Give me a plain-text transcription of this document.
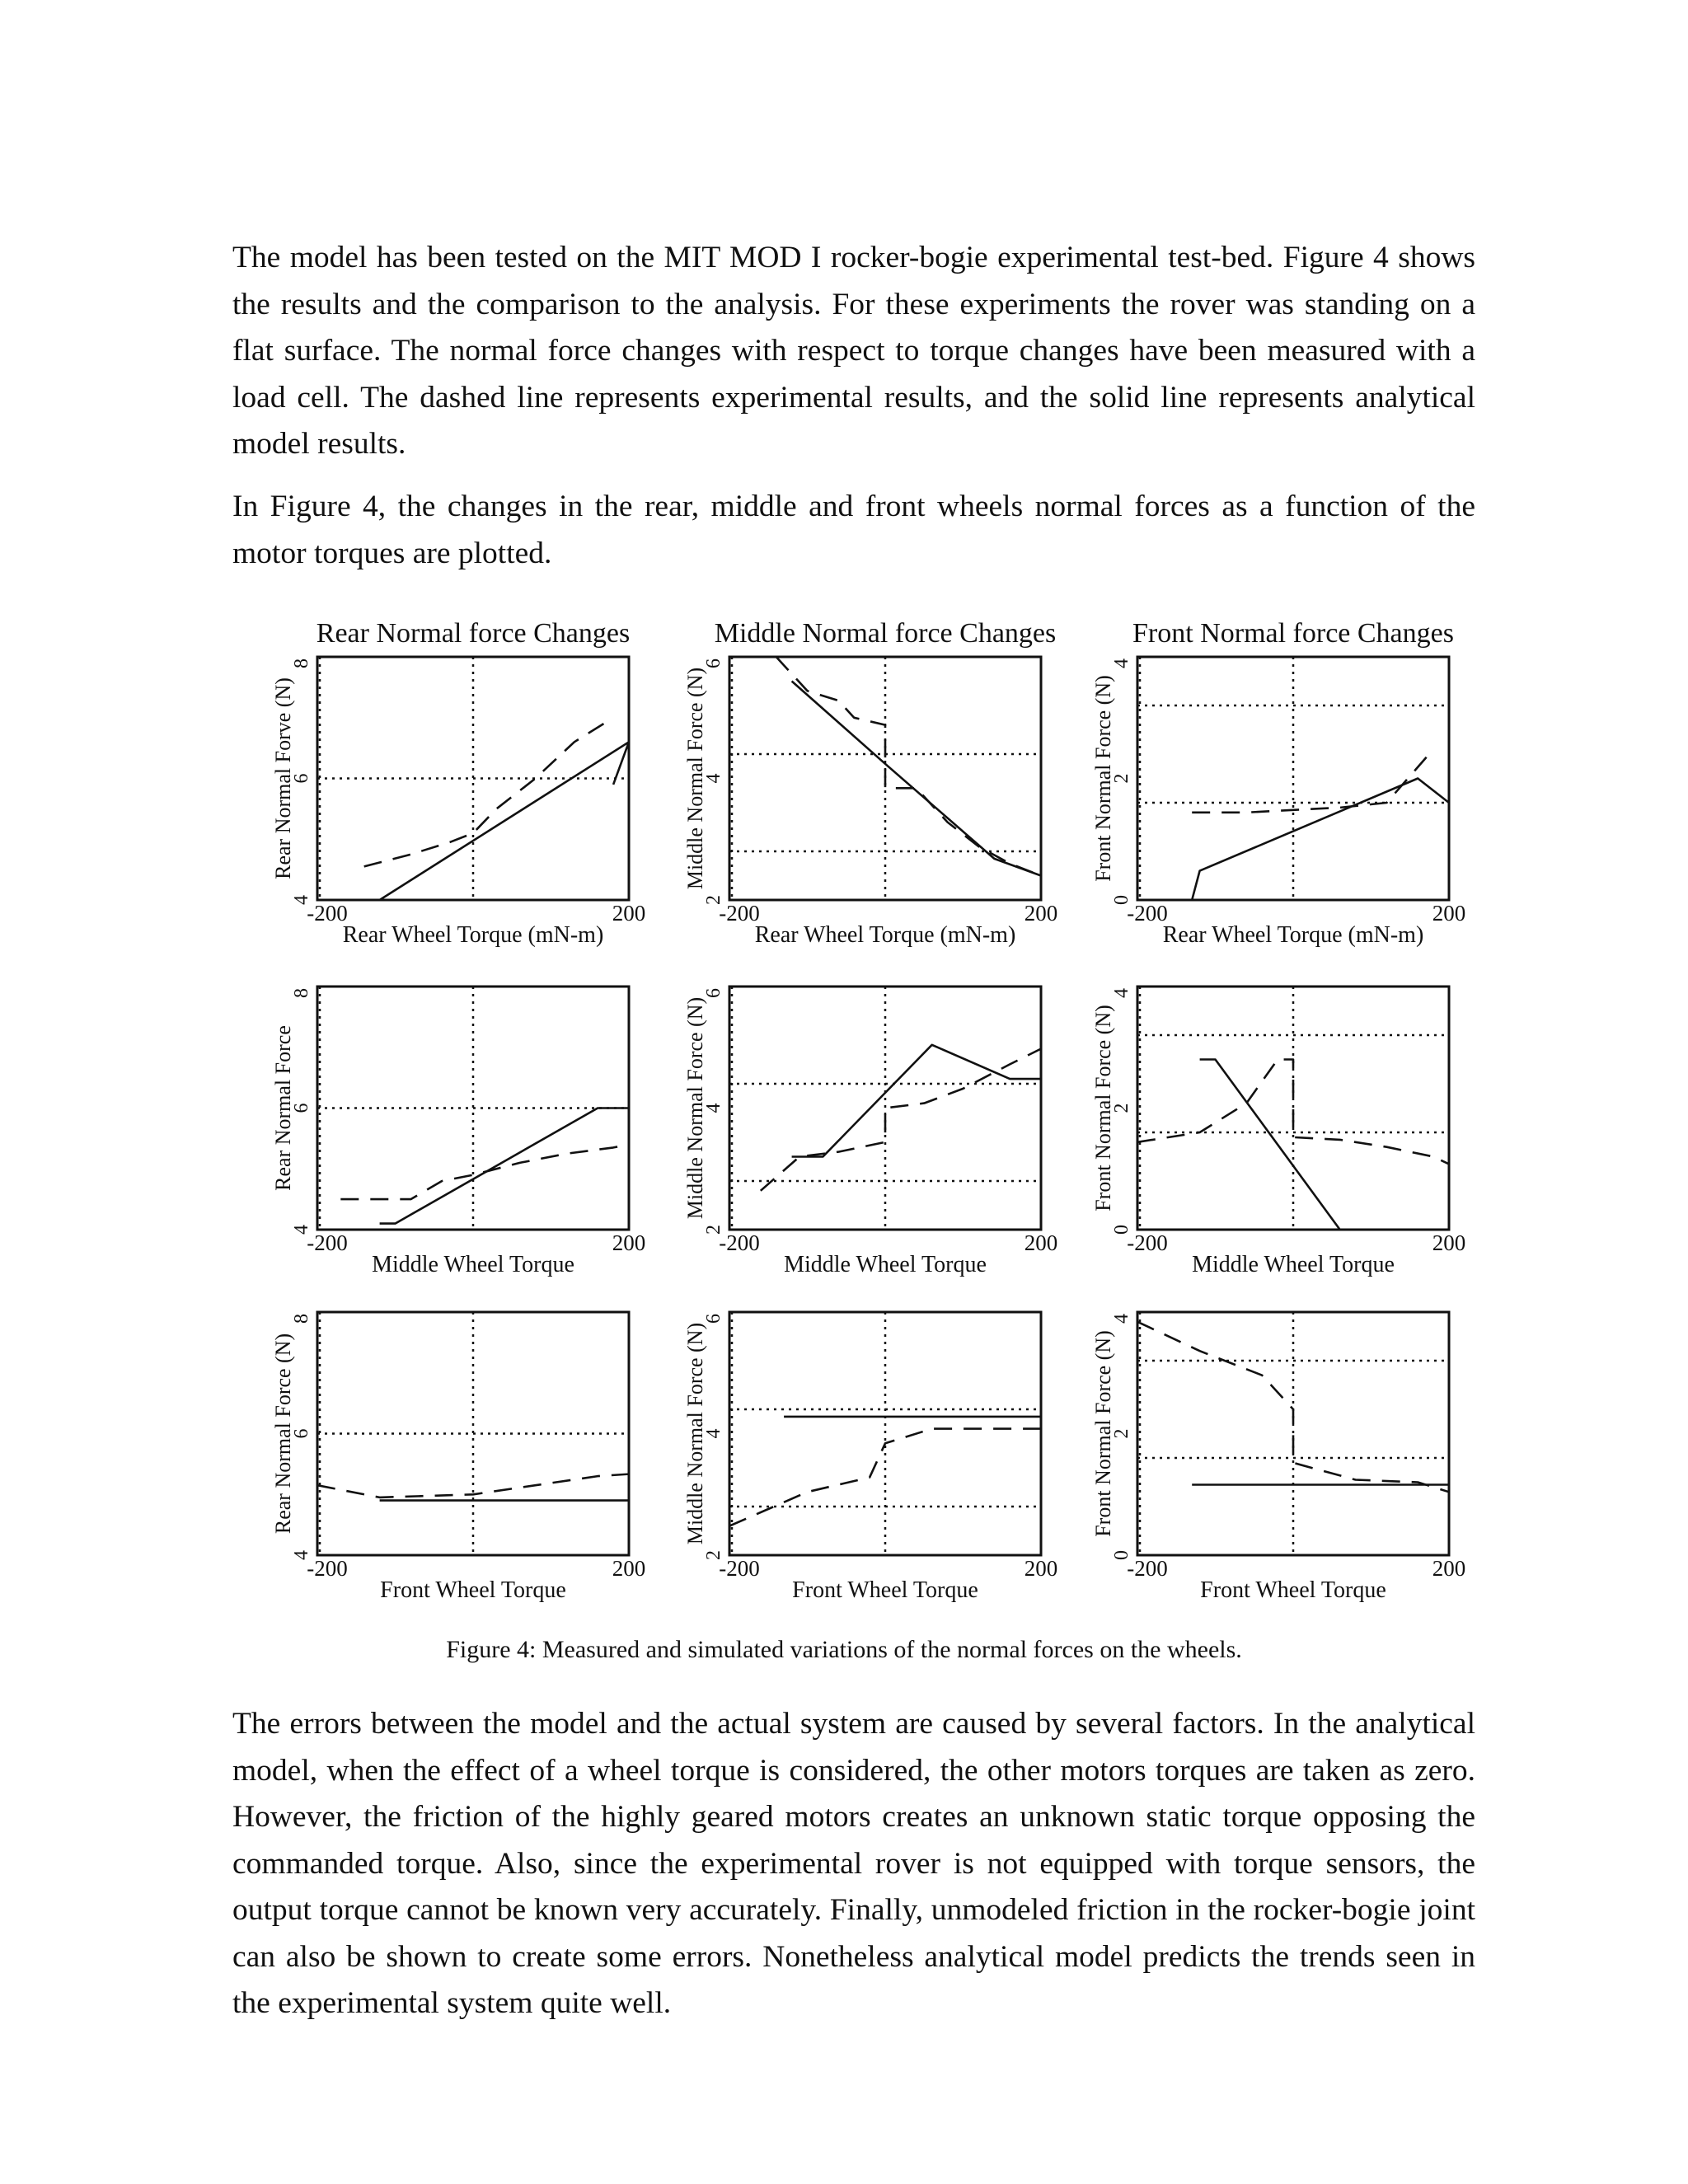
The model has been tested on the MIT MOD I rocker-bogie experimental test-bed. Figure 4 shows the results and the comparison to the analysis. For these experiments the rover was standing on a flat surface. The normal force changes with respect to torque changes have been measured with a load cell. The dashed line represents experimental results, and the solid line represents analytical model results.

In Figure 4, the changes in the rear, middle and front wheels normal forces as a function of the motor torques are plotted.

4
6
8
-200	200
Rear Wheel Torque (mN-m)
Rear Normal Forve (N)
Rear Normal force Changes
2
4
6
-200	200
Rear Wheel Torque (mN-m)
Middle Normal Force (N)
Middle Normal force Changes
0
2
4
-200	200
Rear Wheel Torque (mN-m)
Front Normal Force (N)
Front Normal force Changes
4
6
8
-200	200
Middle Wheel Torque
Rear Normal Force
2
4
6
-200	200
Middle Wheel Torque
Middle Normal Force (N)
0
2
4
-200	200
Middle Wheel Torque
Front Normal Force (N)
4
6
8
-200	200
Front Wheel Torque
Rear Normal Force (N)
2
4
6
-200	200
Front Wheel Torque
Middle Normal Force (N)
0
2
4
-200	200
Front Wheel Torque
Front Normal Force (N)
Figure 4: Measured and simulated variations of the normal forces on the wheels.

The errors between the model and the actual system are caused by several factors. In the analytical model, when the effect of a wheel torque is considered, the other motors torques are taken as zero. However, the friction of the highly geared motors creates an unknown static torque opposing the commanded torque. Also, since the experimental rover is not equipped with torque sensors, the output torque cannot be known very accurately. Finally, unmodeled friction in the rocker-bogie joint can also be shown to create some errors. Nonetheless analytical model predicts the trends seen in the experimental system quite well.
